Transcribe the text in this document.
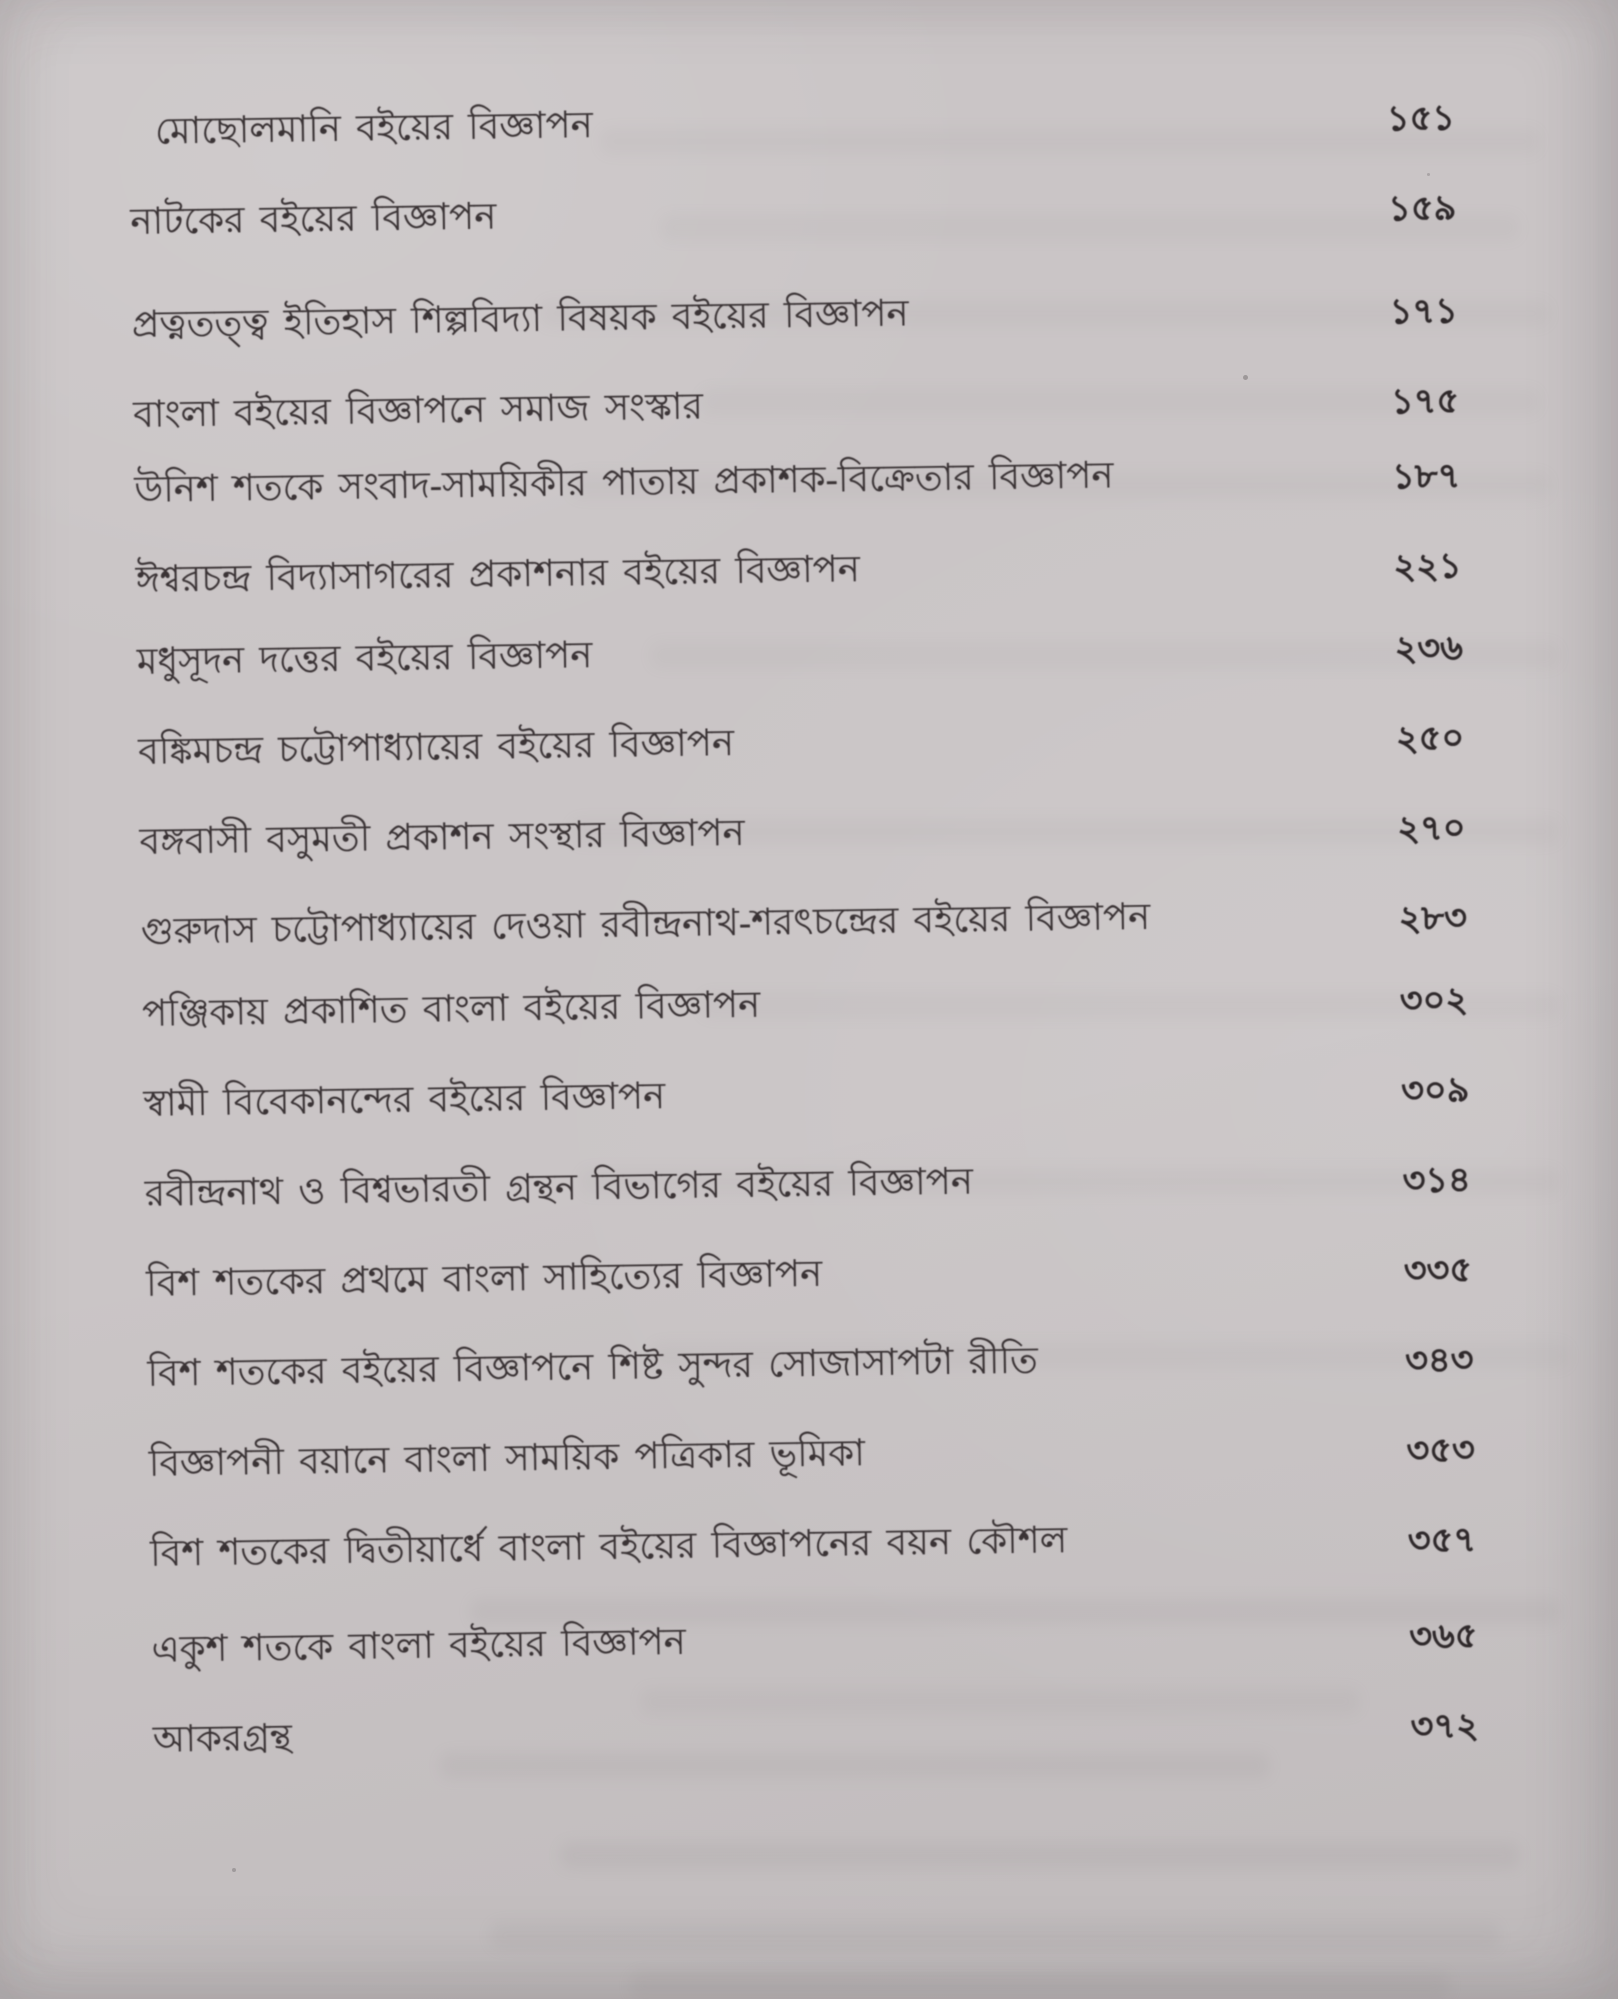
মোছোলমানি বইয়ের বিজ্ঞাপন	১৫১
নাটকের বইয়ের বিজ্ঞাপন	১৫৯
প্রত্নতত্ত্ব ইতিহাস শিল্পবিদ্যা বিষয়ক বইয়ের বিজ্ঞাপন	১৭১
বাংলা বইয়ের বিজ্ঞাপনে সমাজ সংস্কার	১৭৫
উনিশ শতকে সংবাদ-সাময়িকীর পাতায় প্রকাশক-বিক্রেতার বিজ্ঞাপন	১৮৭
ঈশ্বরচন্দ্র বিদ্যাসাগরের প্রকাশনার বইয়ের বিজ্ঞাপন	২২১
মধুসূদন দত্তের বইয়ের বিজ্ঞাপন	২৩৬
বঙ্কিমচন্দ্র চট্টোপাধ্যায়ের বইয়ের বিজ্ঞাপন	২৫০
বঙ্গবাসী বসুমতী প্রকাশন সংস্থার বিজ্ঞাপন	২৭০
গুরুদাস চট্টোপাধ্যায়ের দেওয়া রবীন্দ্রনাথ-শরৎচন্দ্রের বইয়ের বিজ্ঞাপন	২৮৩
পঞ্জিকায় প্রকাশিত বাংলা বইয়ের বিজ্ঞাপন	৩০২
স্বামী বিবেকানন্দের বইয়ের বিজ্ঞাপন	৩০৯
রবীন্দ্রনাথ ও বিশ্বভারতী গ্রন্থন বিভাগের বইয়ের বিজ্ঞাপন	৩১৪
বিশ শতকের প্রথমে বাংলা সাহিত্যের বিজ্ঞাপন	৩৩৫
বিশ শতকের বইয়ের বিজ্ঞাপনে শিষ্ট সুন্দর সোজাসাপটা রীতি	৩৪৩
বিজ্ঞাপনী বয়ানে বাংলা সাময়িক পত্রিকার ভূমিকা	৩৫৩
বিশ শতকের দ্বিতীয়ার্ধে বাংলা বইয়ের বিজ্ঞাপনের বয়ন কৌশল	৩৫৭
একুশ শতকে বাংলা বইয়ের বিজ্ঞাপন	৩৬৫
আকরগ্রন্থ	৩৭২
